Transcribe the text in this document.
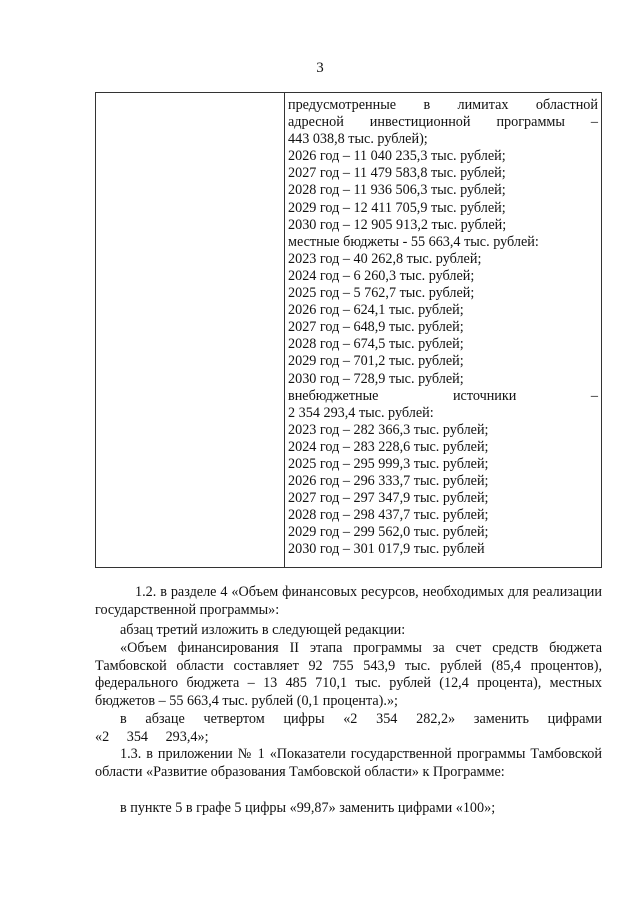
3
предусмотренные в лимитах областной
адресной инвестиционной программы –
443 038,8 тыс. рублей);
2026 год – 11 040 235,3 тыс. рублей;
2027 год – 11 479 583,8 тыс. рублей;
2028 год – 11 936 506,3 тыс. рублей;
2029 год – 12 411 705,9 тыс. рублей;
2030 год – 12 905 913,2 тыс. рублей;
местные бюджеты - 55 663,4 тыс. рублей:
2023 год – 40 262,8 тыс. рублей;
2024 год – 6 260,3 тыс. рублей;
2025 год – 5 762,7 тыс. рублей;
2026 год – 624,1 тыс. рублей;
2027 год – 648,9 тыс. рублей;
2028 год – 674,5 тыс. рублей;
2029 год – 701,2 тыс. рублей;
2030 год – 728,9 тыс. рублей;
внебюджетные	источники	–
2 354 293,4 тыс. рублей:
2023 год – 282 366,3 тыс. рублей;
2024 год – 283 228,6 тыс. рублей;
2025 год – 295 999,3 тыс. рублей;
2026 год – 296 333,7 тыс. рублей;
2027 год – 297 347,9 тыс. рублей;
2028 год – 298 437,7 тыс. рублей;
2029 год – 299 562,0 тыс. рублей;
2030 год – 301 017,9 тыс. рублей
1.2. в разделе 4 «Объем финансовых ресурсов, необходимых для реализации государственной программы»:
абзац третий изложить в следующей редакции:
«Объем финансирования II этапа программы за счет средств бюджета Тамбовской области составляет 92 755 543,9 тыс. рублей (85,4 процентов), федерального бюджета – 13 485 710,1 тыс. рублей (12,4 процента), местных бюджетов – 55 663,4 тыс. рублей (0,1 процента).»;
в абзаце четвертом цифры «2 354 282,2» заменить цифрами «2 354 293,4»;
1.3. в приложении № 1 «Показатели государственной программы Тамбовской области «Развитие образования Тамбовской области» к Программе:
в пункте 5 в графе 5 цифры «99,87» заменить цифрами «100»;
